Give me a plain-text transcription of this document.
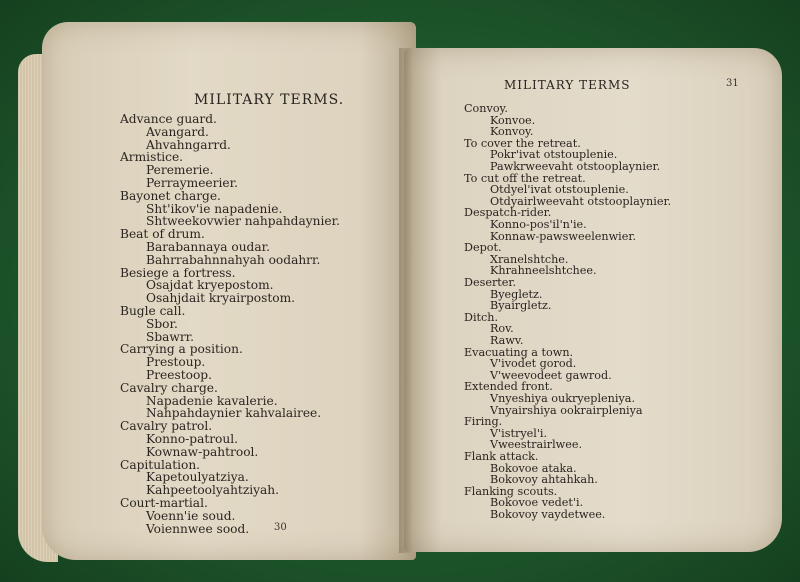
MILITARY TERMS.
Advance guard.
Avangard.
Ahvahngarrd.
Armistice.
Peremerie.
Perraymeerier.
Bayonet charge.
Sht'ikov'ie napadenie.
Shtweekovwier nahpahdaynier.
Beat of drum.
Barabannaya oudar.
Bahrrabahnnahyah oodahrr.
Besiege a fortress.
Osajdat kryepostom.
Osahjdait kryairpostom.
Bugle call.
Sbor.
Sbawrr.
Carrying a position.
Prestoup.
Preestoop.
Cavalry charge.
Napadenie kavalerie.
Nahpahdaynier kahvalairee.
Cavalry patrol.
Konno-patroul.
Kownaw-pahtrool.
Capitulation.
Kapetoulyatziya.
Kahpeetoolyahtziyah.
Court-martial.
Voenn'ie soud.
Voiennwee sood. 30
MILITARY TERMS	31
Convoy.
Konvoe.
Konvoy.
To cover the retreat.
Pokr'ivat otstouplenie.
Pawkrweevaht otstooplaynier.
To cut off the retreat.
Otdyel'ivat otstouplenie.
Otdyairlweevaht otstooplaynier.
Despatch-rider.
Konno-pos'il'n'ie.
Konnaw-pawsweelenwier.
Depot.
Xranelshtche.
Khrahneelshtchee.
Deserter.
Byegletz.
Byairgletz.
Ditch.
Rov.
Rawv.
Evacuating a town.
V'ivodet gorod.
V'weevodeet gawrod.
Extended front.
Vnyeshiya oukryepleniya.
Vnyairshiya ookrairpleniya
Firing.
V'istryel'i.
Vweestrairlwee.
Flank attack.
Bokovoe ataka.
Bokovoy ahtahkah.
Flanking scouts.
Bokovoe vedet'i.
Bokovoy vaydetwee.
